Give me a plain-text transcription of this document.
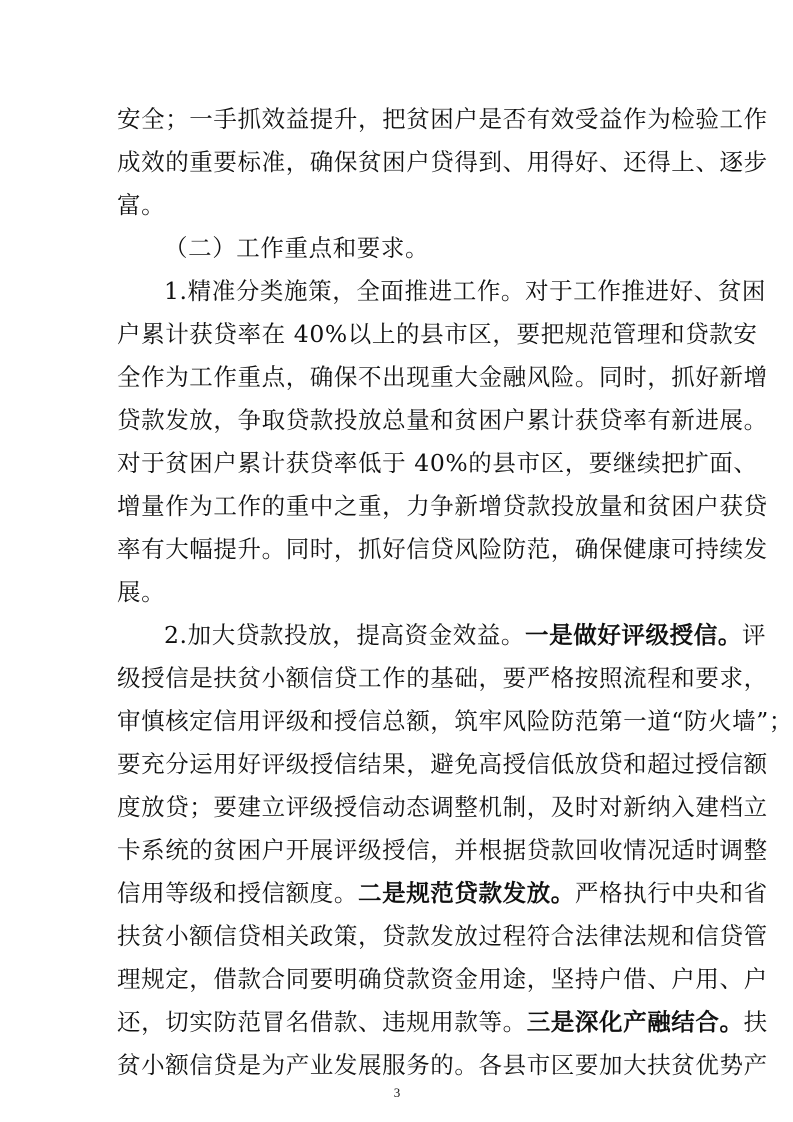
安全；一手抓效益提升，把贫困户是否有效受益作为检验工作
成效的重要标准，确保贫困户贷得到、用得好、还得上、逐步
富。
（二）工作重点和要求。
1.精准分类施策，全面推进工作。对于工作推进好、贫困
户累计获贷率在 40%以上的县市区，要把规范管理和贷款安
全作为工作重点，确保不出现重大金融风险。同时，抓好新增
贷款发放，争取贷款投放总量和贫困户累计获贷率有新进展。
对于贫困户累计获贷率低于 40%的县市区，要继续把扩面、
增量作为工作的重中之重，力争新增贷款投放量和贫困户获贷
率有大幅提升。同时，抓好信贷风险防范，确保健康可持续发
展。
2.加大贷款投放，提高资金效益。一是做好评级授信。评
级授信是扶贫小额信贷工作的基础，要严格按照流程和要求，
审慎核定信用评级和授信总额，筑牢风险防范第一道“防火墙”；
要充分运用好评级授信结果，避免高授信低放贷和超过授信额
度放贷；要建立评级授信动态调整机制，及时对新纳入建档立
卡系统的贫困户开展评级授信，并根据贷款回收情况适时调整
信用等级和授信额度。二是规范贷款发放。严格执行中央和省
扶贫小额信贷相关政策，贷款发放过程符合法律法规和信贷管
理规定，借款合同要明确贷款资金用途，坚持户借、户用、户
还，切实防范冒名借款、违规用款等。三是深化产融结合。扶
贫小额信贷是为产业发展服务的。各县市区要加大扶贫优势产
3
